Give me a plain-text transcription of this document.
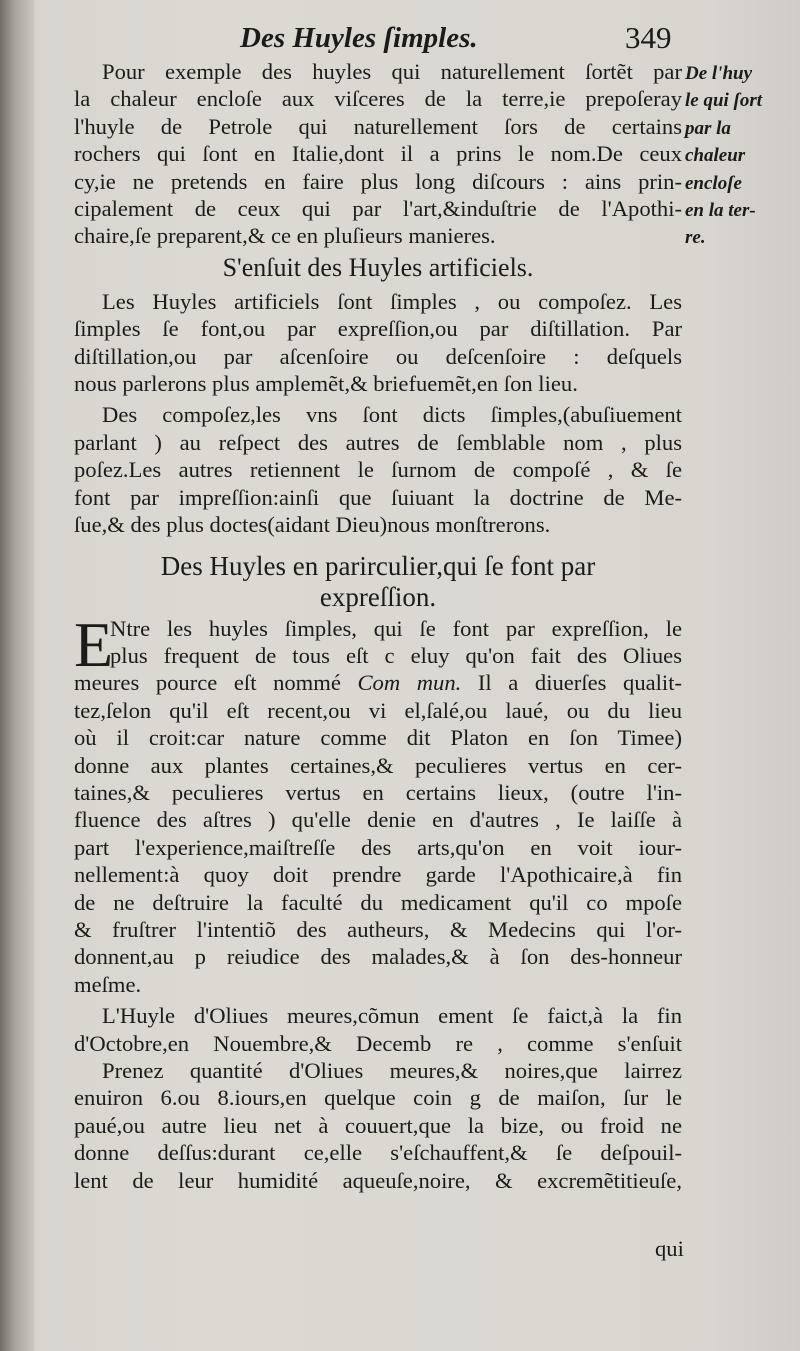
Des Huyles ſimples.	349
De l'huy
le qui ſort
par la
chaleur
encloſe
en la ter-
re.
Pour exemple des huyles qui naturellement ſortẽt par
la chaleur encloſe aux viſceres de la terre,ie prepoſeray
l'huyle de Petrole qui naturellement ſors de certains
rochers qui ſont en Italie,dont il a prins le nom.De ceux
cy,ie ne pretends en faire plus long diſcours : ains prin-
cipalement de ceux qui par l'art,&induſtrie de l'Apothi-
chaire,ſe preparent,& ce en pluſieurs manieres.
S'enſuit des Huyles artificiels.
Les Huyles artificiels ſont ſimples , ou compoſez. Les
ſimples ſe font,ou par expreſſion,ou par diſtillation. Par
diſtillation,ou par aſcenſoire ou deſcenſoire : deſquels
nous parlerons plus amplemẽt,& briefuemẽt,en ſon lieu.
Des compoſez,les vns ſont dicts ſimples,(abuſiuement
parlant ) au reſpect des autres de ſemblable nom , plus
poſez.Les autres retiennent le ſurnom de compoſé , & ſe
font par impreſſion:ainſi que ſuiuant la doctrine de Me-
ſue,& des plus doctes(aidant Dieu)nous monſtrerons.
Des Huyles en parirculier,qui ſe font par
expreſſion.
E
Ntre les huyles ſimples, qui ſe font par expreſſion, le
plus frequent de tous eſt c eluy qu'on fait des Oliues
meures pource eſt nommé Com mun. Il a diuerſes qualit-
tez,ſelon qu'il eſt recent,ou vi el,ſalé,ou laué, ou du lieu
où il croit:car nature comme dit Platon en ſon Timee)
donne aux plantes certaines,& peculieres vertus en cer-
taines,& peculieres vertus en certains lieux, (outre l'in-
fluence des aſtres ) qu'elle denie en d'autres , Ie laiſſe à
part l'experience,maiſtreſſe des arts,qu'on en voit iour-
nellement:à quoy doit prendre garde l'Apothicaire,à fin
de ne deſtruire la faculté du medicament qu'il co mpoſe
& fruſtrer l'intentiõ des autheurs, & Medecins qui l'or-
donnent,au p reiudice des malades,& à ſon des-honneur
meſme.
L'Huyle d'Oliues meures,cõmun ement ſe faict,à la fin
d'Octobre,en Nouembre,& Decemb re , comme s'enſuit
Prenez quantité d'Oliues meures,& noires,que lairrez
enuiron 6.ou 8.iours,en quelque coin g de maiſon, ſur le
paué,ou autre lieu net à couuert,que la bize, ou froid ne
donne deſſus:durant ce,elle s'eſchauffent,& ſe deſpouil-
lent de leur humidité aqueuſe,noire, & excremẽtitieuſe,
qui
